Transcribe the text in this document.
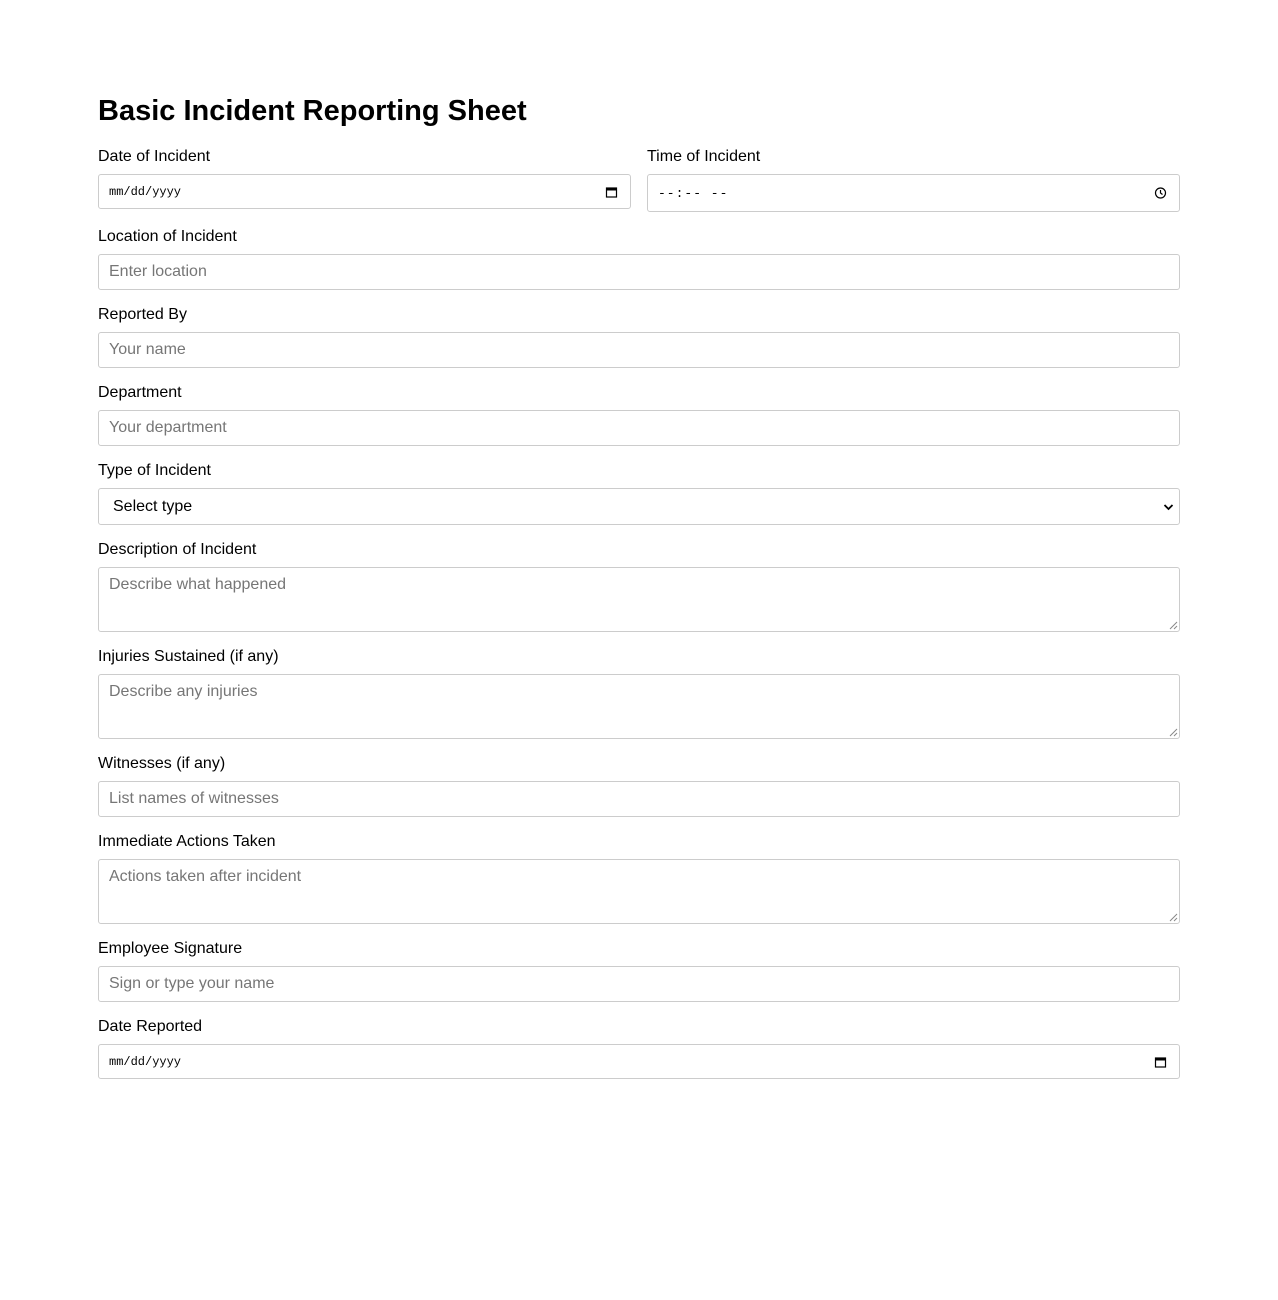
Basic Incident Reporting Sheet
Date of Incident
mm/dd/yyyy
Time of Incident
--:-- --
Location of Incident
Enter location
Reported By
Your name
Department
Your department
Type of Incident
Select type
Description of Incident
Describe what happened
Injuries Sustained (if any)
Describe any injuries
Witnesses (if any)
List names of witnesses
Immediate Actions Taken
Actions taken after incident
Employee Signature
Sign or type your name
Date Reported
mm/dd/yyyy
